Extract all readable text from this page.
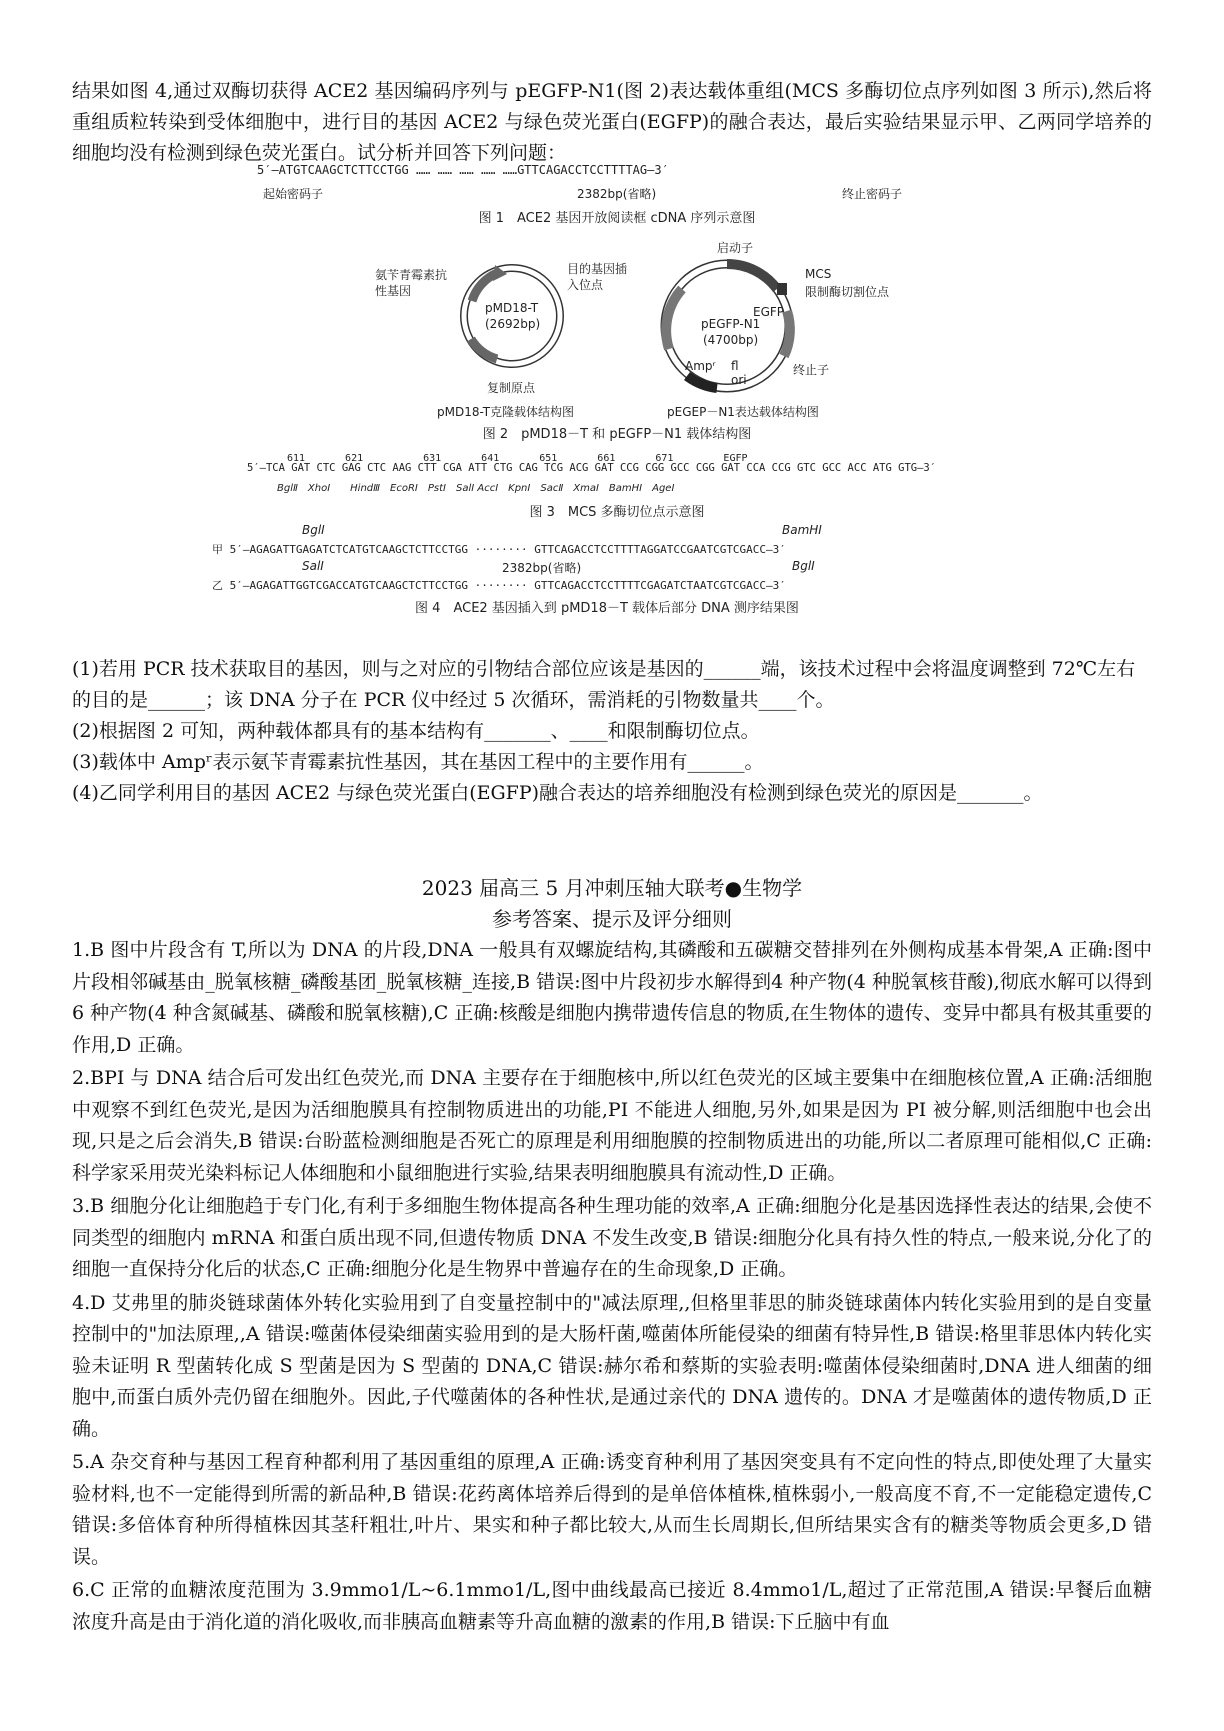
结果如图 4,通过双酶切获得 ACE2 基因编码序列与 pEGFP-N1(图 2)表达载体重组(MCS 多酶切位点序列如图 3 所示),然后将重组质粒转染到受体细胞中，进行目的基因 ACE2 与绿色荧光蛋白(EGFP)的融合表达，最后实验结果显示甲、乙两同学培养的细胞均没有检测到绿色荧光蛋白。试分析并回答下列问题：

5′–ATGTCAAGCTCTTCCTGG …… …… …… …… ……GTTCAGACCTCCTTTTAG–3′
起始密码子	2382bp(省略)	终止密码子
图 1　ACE2 基因开放阅读框 cDNA 序列示意图
pMD18-T
(2692bp)
氨苄青霉素抗性基因
目的基因插入位点
复制原点
pMD18-T克隆载体结构图
pEGFP-N1
(4700bp)
启动子
MCS
限制酶切割位点
EGFP
Ampʳ fl ori
终止子
pEGEP－N1表达载体结构图
图 2　pMD18－T 和 pEGFP－N1 载体结构图
611　　　　621　　　　　　631　　　　641　　　　651　　　　661　　　　671　　　　　EGFP
5′–TCA GAT CTC GAG CTC AAG CTT CGA ATT CTG CAG TCG ACG GAT CCG CGG GCC CGG GAT CCA CCG GTC GCC ACC ATG GTG–3′
BglⅡ　XhoⅠ　　HindⅢ　EcoRⅠ　PstⅠ　SalⅠ AccⅠ　KpnⅠ　SacⅡ　XmaⅠ　BamHⅠ　AgeⅠ
图 3　MCS 多酶切位点示意图
BglⅠ	BamHⅠ
甲 5′–AGAGATTGAGATCTCATGTCAAGCTCTTCCTGG ········ GTTCAGACCTCCTTTTAGGATCCGAATCGTCGACC–3′
2382bp(省略)
SalⅠ	BglⅠ
乙 5′–AGAGATTGGTCGACCATGTCAAGCTCTTCCTGG ········ GTTCAGACCTCCTTTTCGAGATCTAATCGTCGACC–3′
图 4　ACE2 基因插入到 pMD18－T 载体后部分 DNA 测序结果图
(1)若用 PCR 技术获取目的基因，则与之对应的引物结合部位应该是基因的______端，该技术过程中会将温度调整到 72℃左右的目的是______；该 DNA 分子在 PCR 仪中经过 5 次循环，需消耗的引物数量共____个。
(2)根据图 2 可知，两种载体都具有的基本结构有_______、____和限制酶切位点。
(3)载体中 Ampʳ表示氨苄青霉素抗性基因，其在基因工程中的主要作用有______。
(4)乙同学利用目的基因 ACE2 与绿色荧光蛋白(EGFP)融合表达的培养细胞没有检测到绿色荧光的原因是_______。
2023 届高三 5 月冲刺压轴大联考●生物学
参考答案、提示及评分细则

1.B 图中片段含有 T,所以为 DNA 的片段,DNA 一般具有双螺旋结构,其磷酸和五碳糖交替排列在外侧构成基本骨架,A 正确:图中片段相邻碱基由_脱氧核糖_磷酸基团_脱氧核糖_连接,B 错误:图中片段初步水解得到4 种产物(4 种脱氧核苷酸),彻底水解可以得到 6 种产物(4 种含氮碱基、磷酸和脱氧核糖),C 正确:核酸是细胞内携带遗传信息的物质,在生物体的遗传、变异中都具有极其重要的作用,D 正确。

2.BPI 与 DNA 结合后可发出红色荧光,而 DNA 主要存在于细胞核中,所以红色荧光的区域主要集中在细胞核位置,A 正确:活细胞中观察不到红色荧光,是因为活细胞膜具有控制物质进出的功能,PI 不能进人细胞,另外,如果是因为 PI 被分解,则活细胞中也会出现,只是之后会消失,B 错误:台盼蓝检测细胞是否死亡的原理是利用细胞膜的控制物质进出的功能,所以二者原理可能相似,C 正确:科学家采用荧光染料标记人体细胞和小鼠细胞进行实验,结果表明细胞膜具有流动性,D 正确。

3.B 细胞分化让细胞趋于专门化,有利于多细胞生物体提高各种生理功能的效率,A 正确:细胞分化是基因选择性表达的结果,会使不同类型的细胞内 mRNA 和蛋白质出现不同,但遗传物质 DNA 不发生改变,B 错误:细胞分化具有持久性的特点,一般来说,分化了的细胞一直保持分化后的状态,C 正确:细胞分化是生物界中普遍存在的生命现象,D 正确。

4.D 艾弗里的肺炎链球菌体外转化实验用到了自变量控制中的"减法原理,,但格里菲思的肺炎链球菌体内转化实验用到的是自变量控制中的"加法原理,,A 错误:噬菌体侵染细菌实验用到的是大肠杆菌,噬菌体所能侵染的细菌有特异性,B 错误:格里菲思体内转化实验未证明 R 型菌转化成 S 型菌是因为 S 型菌的 DNA,C 错误:赫尔希和蔡斯的实验表明:噬菌体侵染细菌时,DNA 进人细菌的细胞中,而蛋白质外壳仍留在细胞外。因此,子代噬菌体的各种性状,是通过亲代的 DNA 遗传的。DNA 才是噬菌体的遗传物质,D 正确。

5.A 杂交育种与基因工程育种都利用了基因重组的原理,A 正确:诱变育种利用了基因突变具有不定向性的特点,即使处理了大量实验材料,也不一定能得到所需的新品种,B 错误:花药离体培养后得到的是单倍体植株,植株弱小,一般高度不育,不一定能稳定遗传,C 错误:多倍体育种所得植株因其茎秆粗壮,叶片、果实和种子都比较大,从而生长周期长,但所结果实含有的糖类等物质会更多,D 错误。

6.C 正常的血糖浓度范围为 3.9mmo1/L~6.1mmo1/L,图中曲线最高已接近 8.4mmo1/L,超过了正常范围,A 错误:早餐后血糖浓度升高是由于消化道的消化吸收,而非胰高血糖素等升高血糖的激素的作用,B 错误:下丘脑中有血
